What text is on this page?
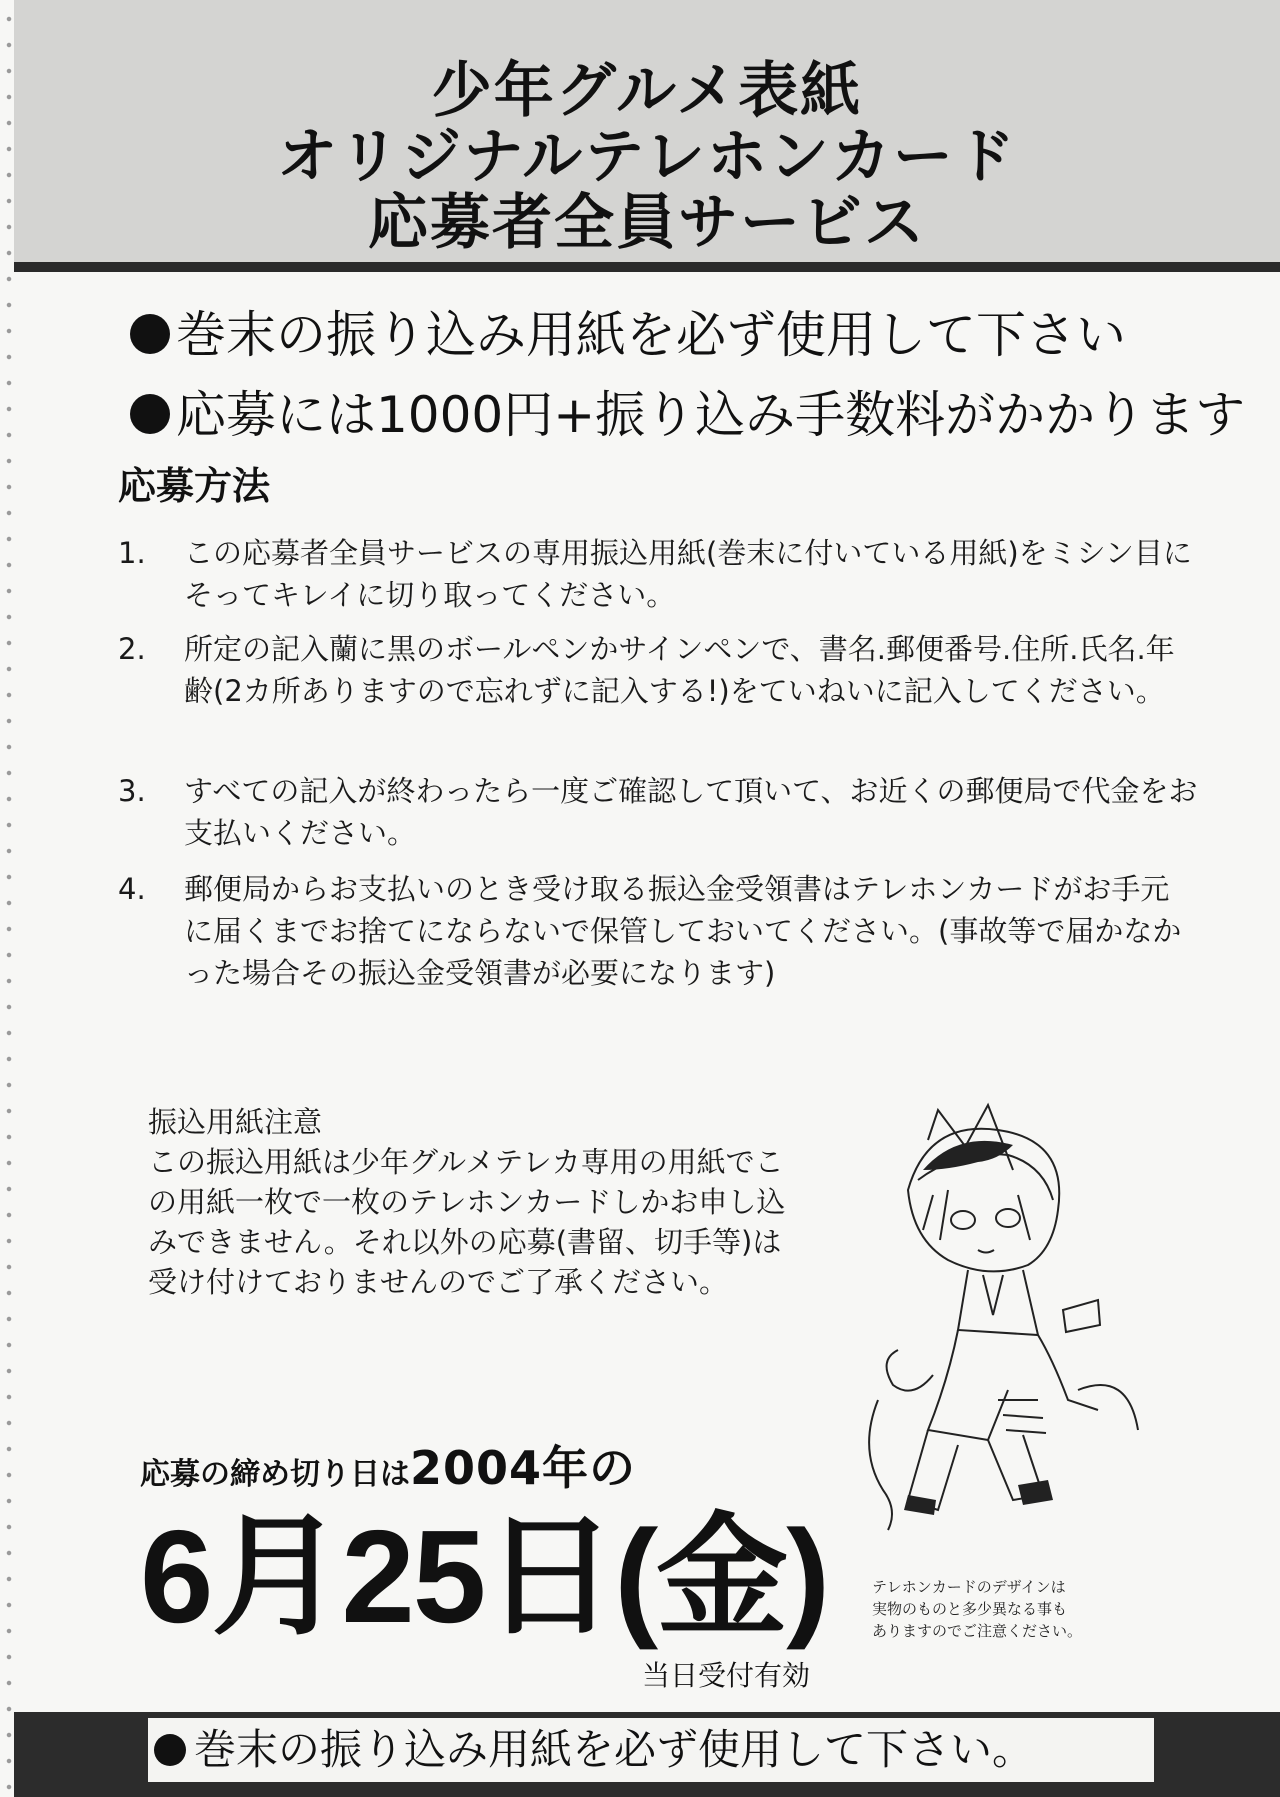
少年グルメ表紙
オリジナルテレホンカード
応募者全員サービス
巻末の振り込み用紙を必ず使用して下さい
応募には1000円+振り込み手数料がかかります
応募方法
1.	この応募者全員サービスの専用振込用紙(巻末に付いている用紙)をミシン目にそってキレイに切り取ってください。
2.	所定の記入蘭に黒のボールペンかサインペンで、書名.郵便番号.住所.氏名.年齢(2カ所ありますので忘れずに記入する!)をていねいに記入してください。
3.	すべての記入が終わったら一度ご確認して頂いて、お近くの郵便局で代金をお支払いください。
4.	郵便局からお支払いのとき受け取る振込金受領書はテレホンカードがお手元に届くまでお捨てにならないで保管しておいてください。(事故等で届かなかった場合その振込金受領書が必要になります)
振込用紙注意
この振込用紙は少年グルメテレカ専用の用紙でこの用紙一枚で一枚のテレホンカードしかお申し込みできません。それ以外の応募(書留、切手等)は受け付けておりませんのでご了承ください。
応募の締め切り日は2004年の
6月25日(金)
当日受付有効
テレホンカードのデザインは
実物のものと多少異なる事も
ありますのでご注意ください。
巻末の振り込み用紙を必ず使用して下さい。
